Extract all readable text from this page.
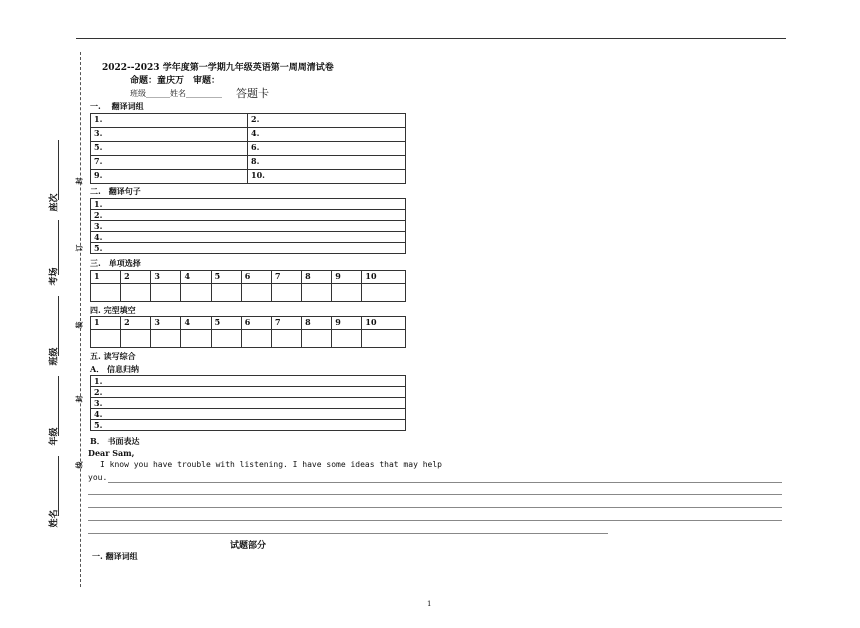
座次
考场
班级
年级
姓名
封
订
装
封
线
2022--2023 学年度第一学期九年级英语第一周周清试卷
命题：童庆万　审题：
班级______姓名_________ 答题卡
一.　 翻译词组
1.	2.
3.	4.
5.	6.
7.	8.
9.	10.
二.　翻译句子
1.
2.
3.
4.
5.
三.　单项选择
1	2	3	4	5	6	7	8	9	10

四. 完型填空
1	2	3	4	5	6	7	8	9	10

五. 读写综合
A． 信息归纳
1.
2.
3.
4.
5.
B． 书面表达
Dear Sam,
I know you have trouble with listening. I have some ideas that may help
you.
试题部分
一. 翻译词组
1
